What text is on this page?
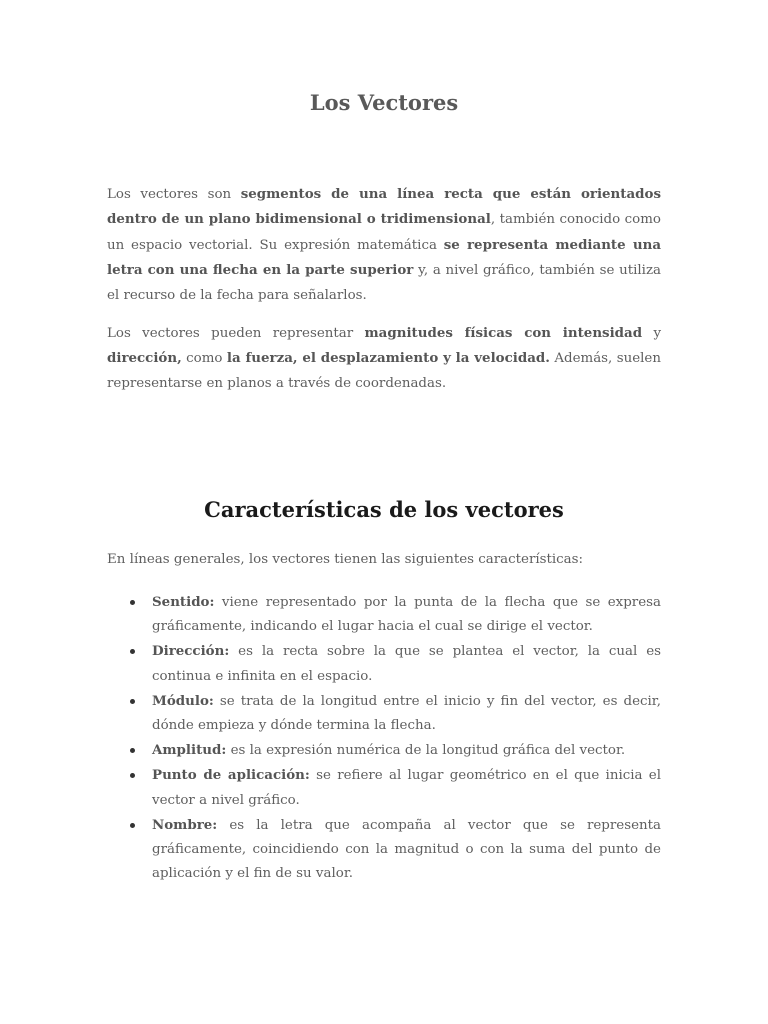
Los Vectores

Los vectores son segmentos de una línea recta que están orientados dentro de un plano bidimensional o tridimensional, también conocido como un espacio vectorial. Su expresión matemática se representa mediante una letra con una flecha en la parte superior y, a nivel gráfico, también se utiliza el recurso de la fecha para señalarlos.

Los vectores pueden representar magnitudes físicas con intensidad y dirección, como la fuerza, el desplazamiento y la velocidad. Además, suelen representarse en planos a través de coordenadas.

Características de los vectores

En líneas generales, los vectores tienen las siguientes características:

Sentido: viene representado por la punta de la flecha que se expresa gráficamente, indicando el lugar hacia el cual se dirige el vector.
Dirección: es la recta sobre la que se plantea el vector, la cual es continua e infinita en el espacio.
Módulo: se trata de la longitud entre el inicio y fin del vector, es decir, dónde empieza y dónde termina la flecha.
Amplitud: es la expresión numérica de la longitud gráfica del vector.
Punto de aplicación: se refiere al lugar geométrico en el que inicia el vector a nivel gráfico.
Nombre: es la letra que acompaña al vector que se representa gráficamente, coincidiendo con la magnitud o con la suma del punto de aplicación y el fin de su valor.
